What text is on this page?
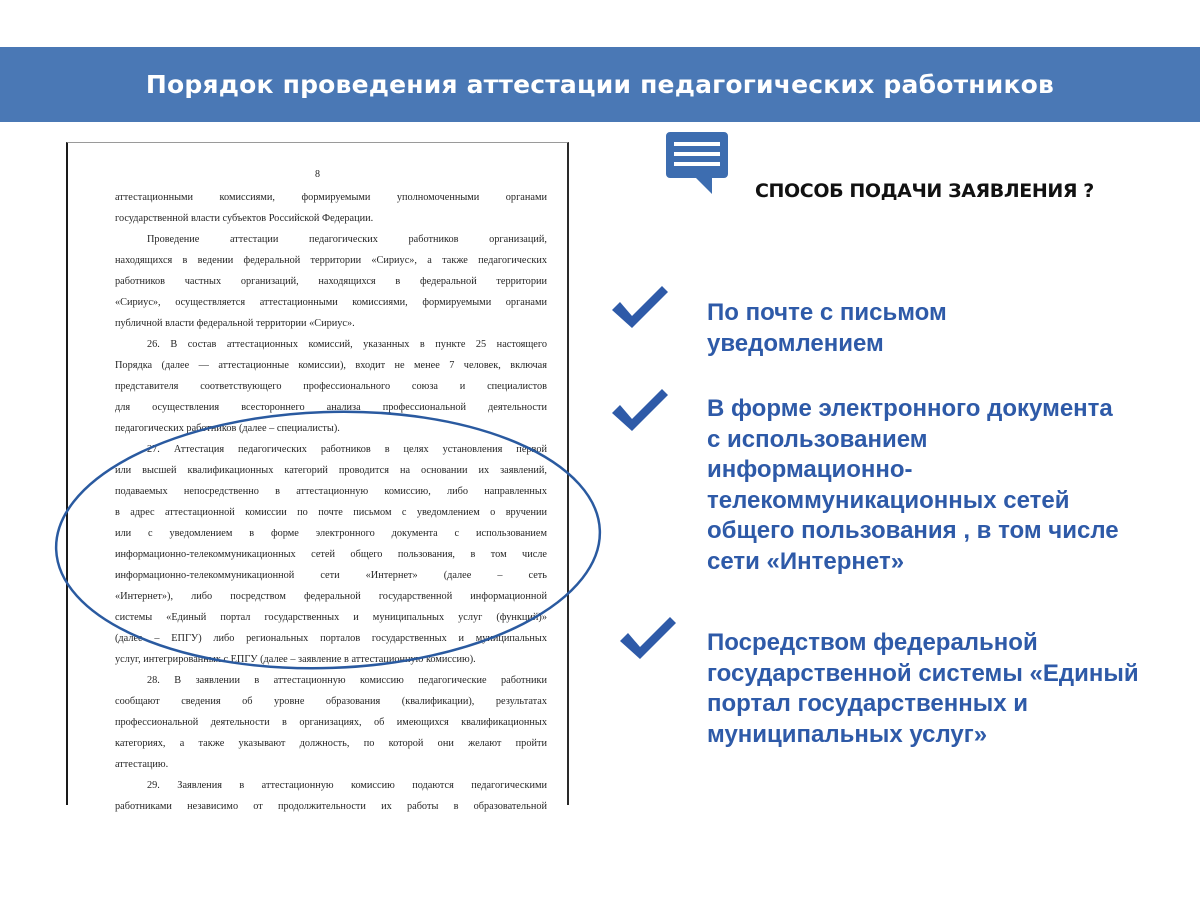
Порядок проведения аттестации педагогических работников
8
аттестационными комиссиями, формируемыми уполномоченными органами
государственной власти субъектов Российской Федерации.
Проведение аттестации педагогических работников организаций,
находящихся в ведении федеральной территории «Сириус», а также педагогических
работников частных организаций, находящихся в федеральной территории
«Сириус», осуществляется аттестационными комиссиями, формируемыми органами
публичной власти федеральной территории «Сириус».
26. В состав аттестационных комиссий, указанных в пункте 25 настоящего
Порядка (далее — аттестационные комиссии), входит не менее 7 человек, включая
представителя соответствующего профессионального союза и специалистов
для осуществления всестороннего анализа профессиональной деятельности
педагогических работников (далее – специалисты).
27. Аттестация педагогических работников в целях установления первой
или высшей квалификационных категорий проводится на основании их заявлений,
подаваемых непосредственно в аттестационную комиссию, либо направленных
в адрес аттестационной комиссии по почте письмом с уведомлением о вручении
или с уведомлением в форме электронного документа с использованием
информационно-телекоммуникационных сетей общего пользования, в том числе
информационно-телекоммуникационной сети «Интернет» (далее – сеть
«Интернет»), либо посредством федеральной государственной информационной
системы «Единый портал государственных и муниципальных услуг (функций)»
(далее – ЕПГУ) либо региональных порталов государственных и муниципальных
услуг, интегрированных с ЕПГУ (далее – заявление в аттестационную комиссию).
28. В заявлении в аттестационную комиссию педагогические работники
сообщают сведения об уровне образования (квалификации), результатах
профессиональной деятельности в организациях, об имеющихся квалификационных
категориях, а также указывают должность, по которой они желают пройти
аттестацию.
29. Заявления в аттестационную комиссию подаются педагогическими
работниками независимо от продолжительности их работы в образовательной
СПОСОБ ПОДАЧИ ЗАЯВЛЕНИЯ ?
По почте с письмом
уведомлением
В форме электронного документа
с использованием
информационно-
телекоммуникационных сетей
общего пользования , в том числе
сети «Интернет»
Посредством федеральной
государственной системы «Единый
портал государственных и
муниципальных услуг»
